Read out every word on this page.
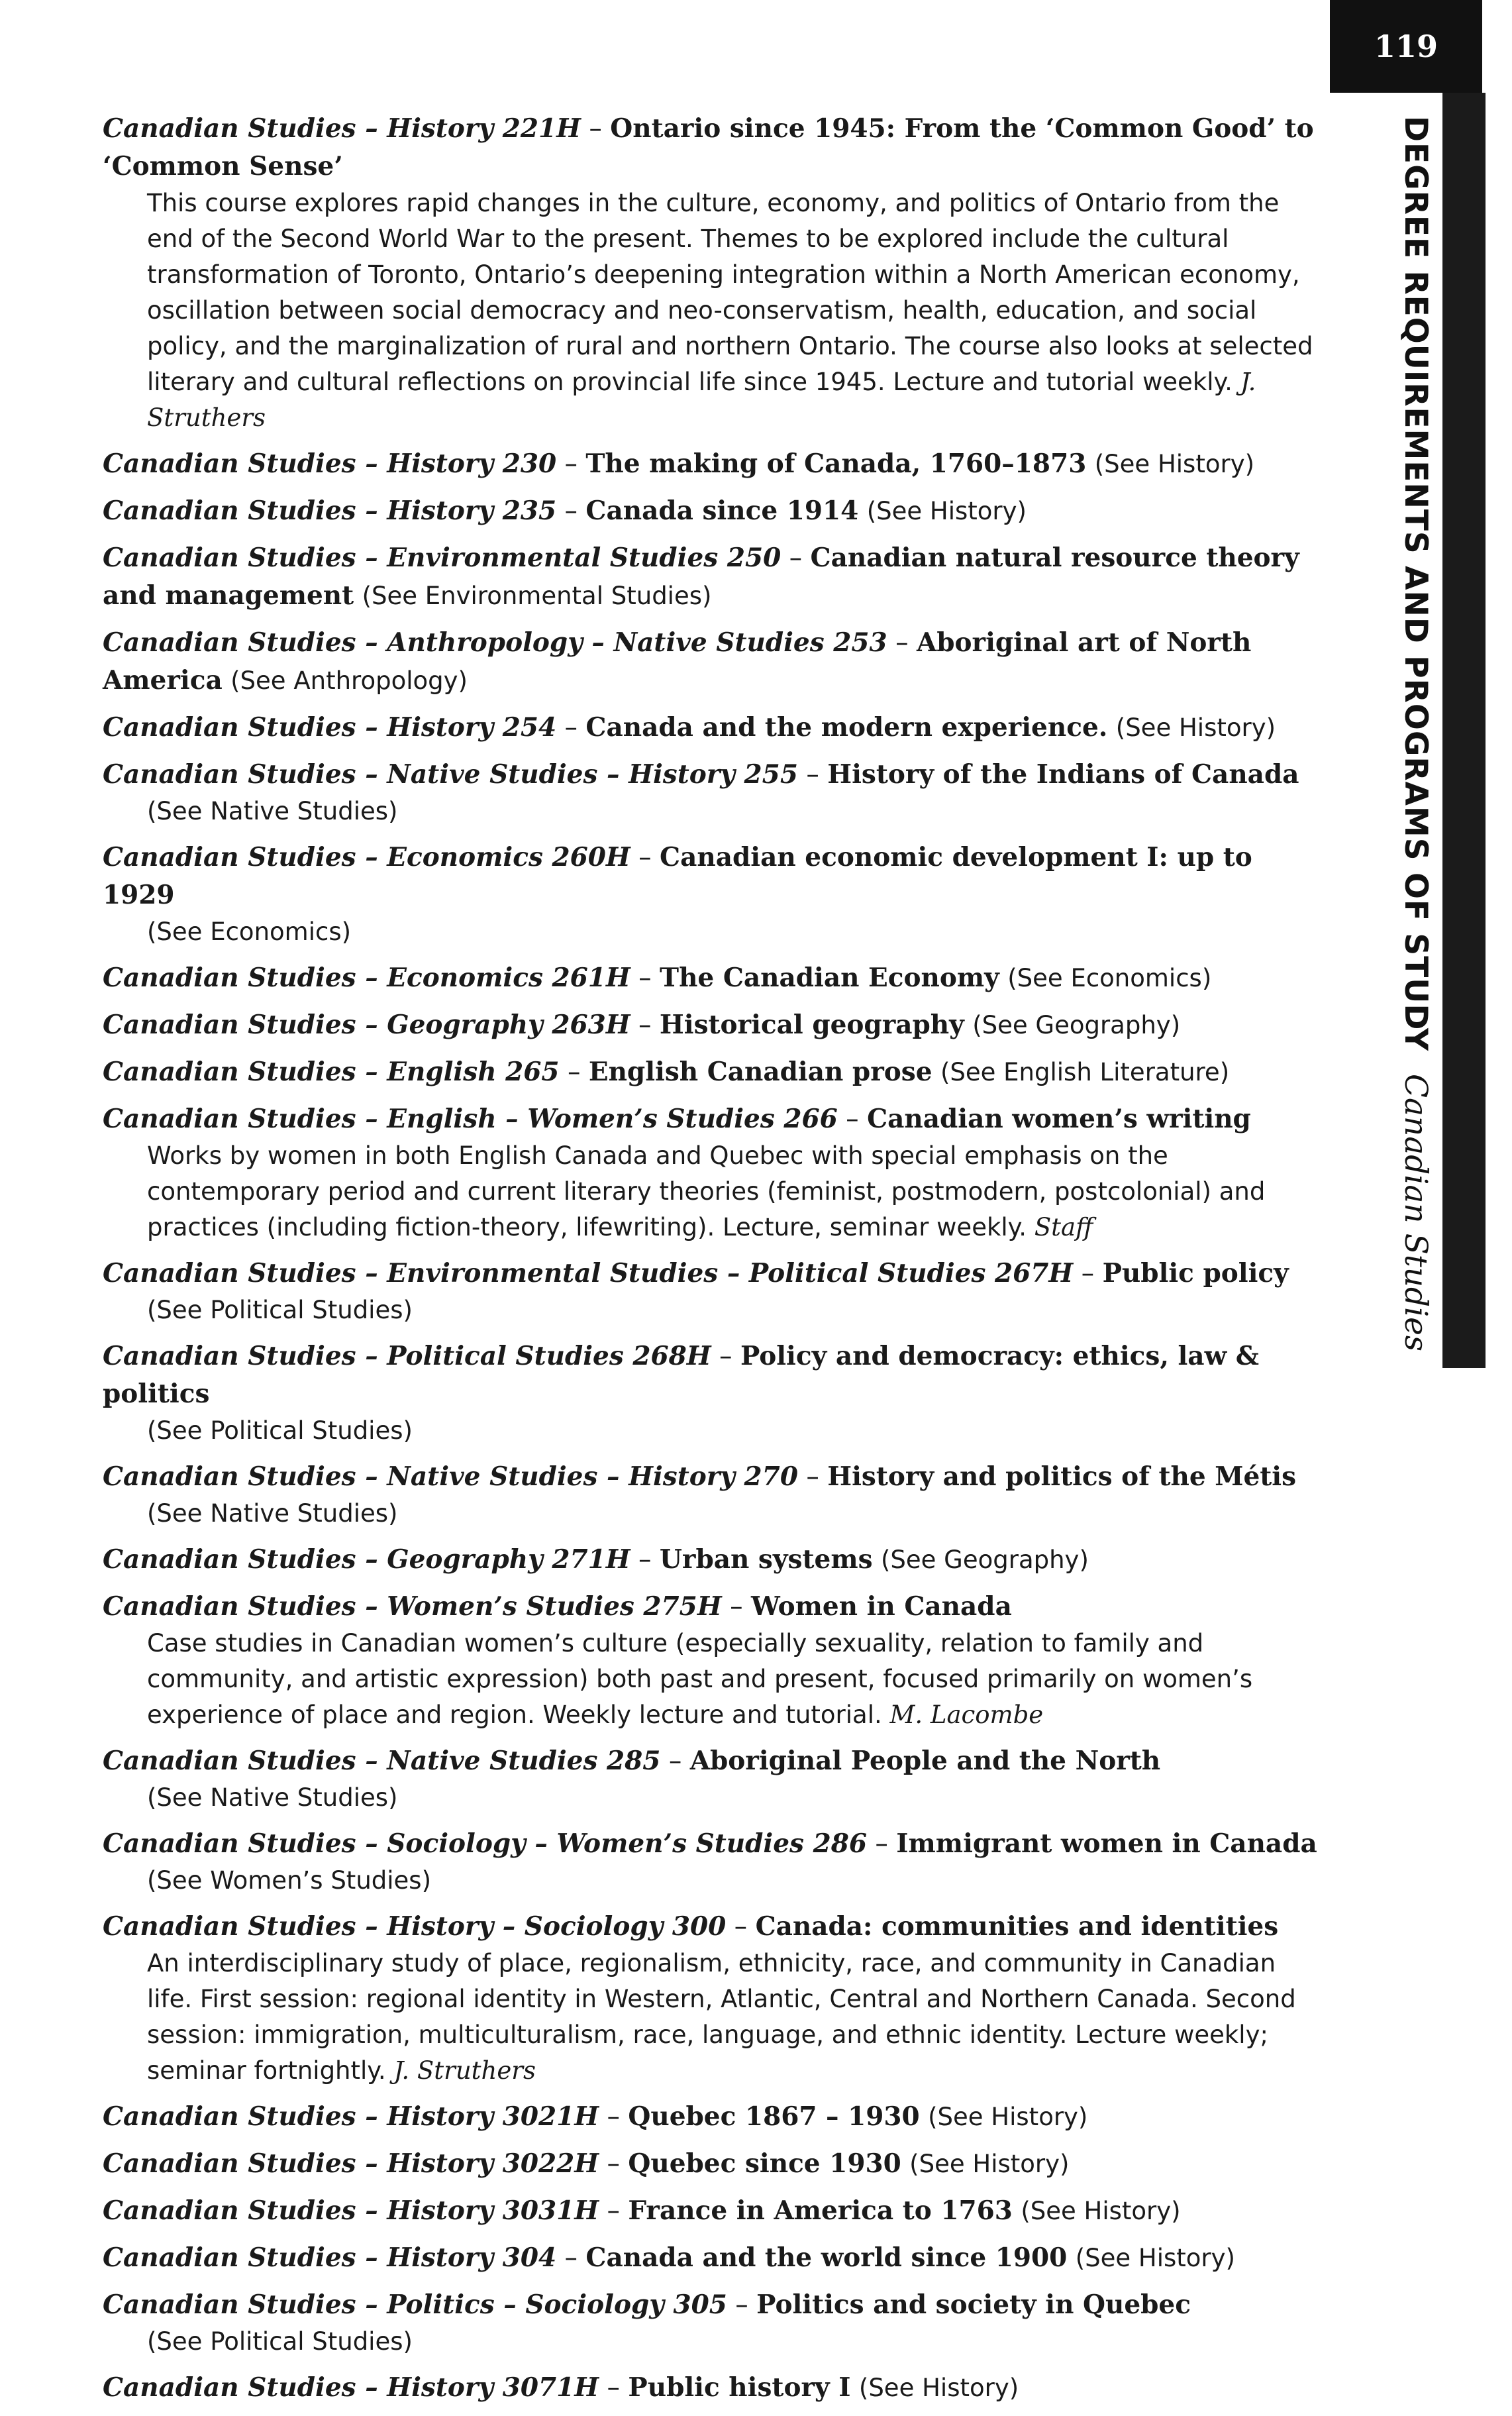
119
DEGREE REQUIREMENTS AND PROGRAMS OF STUDY
Canadian Studies
Canadian Studies – History 221H – Ontario since 1945: From the ‘Common Good’ to ‘Common Sense’
This course explores rapid changes in the culture, economy, and politics of Ontario from the end of the Second World War to the present. Themes to be explored include the cultural transformation of Toronto, Ontario’s deepening integration within a North American economy, oscillation between social democracy and neo-conservatism, health, education, and social policy, and the marginalization of rural and northern Ontario. The course also looks at selected literary and cultural reflections on provincial life since 1945. Lecture and tutorial weekly. J. Struthers
Canadian Studies – History 230 – The making of Canada, 1760–1873 (See History)
Canadian Studies – History 235 – Canada since 1914 (See History)
Canadian Studies – Environmental Studies 250 – Canadian natural resource theory and management (See Environmental Studies)
Canadian Studies – Anthropology – Native Studies 253 – Aboriginal art of North America (See Anthropology)
Canadian Studies – History 254 – Canada and the modern experience. (See History)
Canadian Studies – Native Studies – History 255 – History of the Indians of Canada
(See Native Studies)
Canadian Studies – Economics 260H – Canadian economic development I: up to 1929
(See Economics)
Canadian Studies – Economics 261H – The Canadian Economy (See Economics)
Canadian Studies – Geography 263H – Historical geography (See Geography)
Canadian Studies – English 265 – English Canadian prose (See English Literature)
Canadian Studies – English – Women’s Studies 266 – Canadian women’s writing
Works by women in both English Canada and Quebec with special emphasis on the contemporary period and current literary theories (feminist, postmodern, postcolonial) and practices (including fiction-theory, lifewriting). Lecture, seminar weekly. Staff
Canadian Studies – Environmental Studies – Political Studies 267H – Public policy
(See Political Studies)
Canadian Studies – Political Studies 268H – Policy and democracy: ethics, law & politics
(See Political Studies)
Canadian Studies – Native Studies – History 270 – History and politics of the Métis
(See Native Studies)
Canadian Studies – Geography 271H – Urban systems (See Geography)
Canadian Studies – Women’s Studies 275H – Women in Canada
Case studies in Canadian women’s culture (especially sexuality, relation to family and community, and artistic expression) both past and present, focused primarily on women’s experience of place and region. Weekly lecture and tutorial. M. Lacombe
Canadian Studies – Native Studies 285 – Aboriginal People and the North
(See Native Studies)
Canadian Studies – Sociology – Women’s Studies 286 – Immigrant women in Canada
(See Women’s Studies)
Canadian Studies – History – Sociology 300 – Canada: communities and identities
An interdisciplinary study of place, regionalism, ethnicity, race, and community in Canadian life. First session: regional identity in Western, Atlantic, Central and Northern Canada. Second session: immigration, multiculturalism, race, language, and ethnic identity. Lecture weekly; seminar fortnightly. J. Struthers
Canadian Studies – History 3021H – Quebec 1867 – 1930 (See History)
Canadian Studies – History 3022H – Quebec since 1930 (See History)
Canadian Studies – History 3031H – France in America to 1763 (See History)
Canadian Studies – History 304 – Canada and the world since 1900 (See History)
Canadian Studies – Politics – Sociology 305 – Politics and society in Quebec
(See Political Studies)
Canadian Studies – History 3071H – Public history I (See History)
